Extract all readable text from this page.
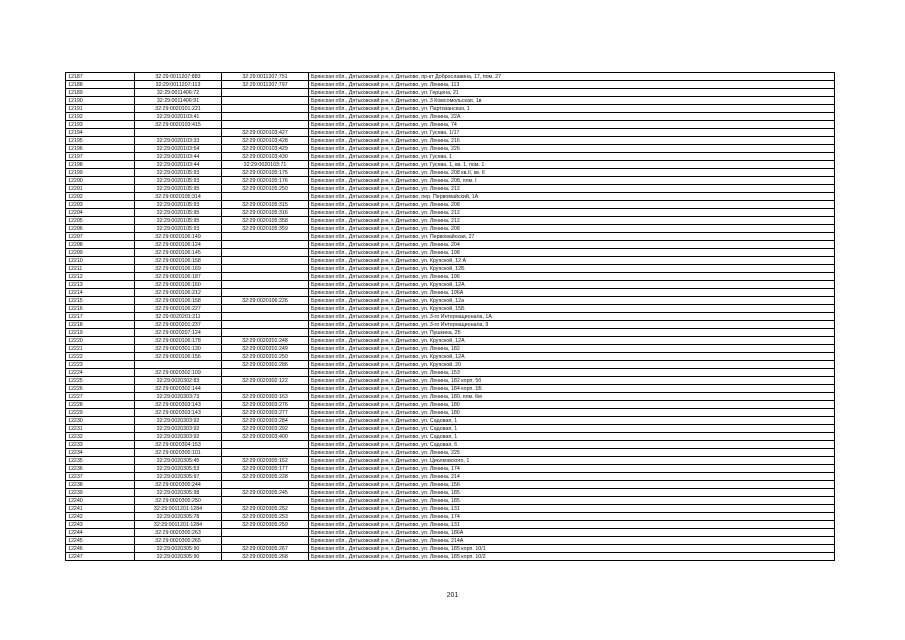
12187	32:29:0011207:883	32:29:0011207:751	Брянская обл., Дятьковский р-н, г. Дятьково, пр-кт Доброславина, 17, пом. 27
12188	32:29:0011207:113	32:29:0011207:797	Брянская обл., Дятьковский р-н, г. Дятьково, ул. Ленина, 113
12189	32:29:0011406:72		Брянская обл., Дятьковский р-н, г. Дятьково, ул. Герцена, 21
12190	32:29:0011406:91		Брянская обл., Дятьковский р-н, г. Дятьково, ул. 3 Комсомольская, 1в
12191	32:29:0020101:221		Брянская обл., Дятьковский р-н, г. Дятьково, ул. Партизанская, 1
12192	32:29:0020103:41		Брянская обл., Дятьковский р-н, г. Дятьково, ул. Ленина, 22А
12193	32:29:0020103:415		Брянская обл., Дятьковский р-н, г. Дятьково, ул. Ленина, 74
12194		32:29:0020103:427	Брянская обл., Дятьковский р-н, г. Дятьково, ул. Гусева, 1/17
12195	32:29:0020103:33	32:29:0020103:428	Брянская обл., Дятьковский р-н, г. Дятьково, ул. Ленина, 216
12196	32:29:0020103:54	32:29:0020103:429	Брянская обл., Дятьковский р-н, г. Дятьково, ул. Ленина, 226
12197	32:29:0020103:44	32:29:0020103:430	Брянская обл., Дятьковский р-н, г. Дятьково, ул. Гусева, 1
12198	32:29:0020103:44	32:29:0020103:71	Брянская обл., Дятьковский р-н, г. Дятьково, ул. Гусева, 1, кв. 1, пом. 1
12199	32:29:0020105:93	32:29:0020105:175	Брянская обл., Дятьковский р-н, г. Дятьково, ул. Ленина, 208 кв.II, кв. II
12200	32:29:0020105:93	32:29:0020105:176	Брянская обл., Дятьковский р-н, г. Дятьково, ул. Ленина, 208, пом. I
12201	32:29:0020105:95	32:29:0020105:250	Брянская обл., Дятьковский р-н, г. Дятьково, ул. Ленина, 212
12202	32:29:0020105:314		Брянская обл., Дятьковский р-н, г. Дятьково, пер. Первомайский, 1А
12203	32:29:0020105:93	32:29:0020105:315	Брянская обл., Дятьковский р-н, г. Дятьково, ул. Ленина, 208
12204	32:29:0020105:95	32:29:0020105:316	Брянская обл., Дятьковский р-н, г. Дятьково, ул. Ленина, 212
12205	32:29:0020105:95	32:29:0020105:358	Брянская обл., Дятьковский р-н, г. Дятьково, ул. Ленина, 212
12206	32:29:0020105:93	32:29:0020105:359	Брянская обл., Дятьковский р-н, г. Дятьково, ул. Ленина, 208
12207	32:29:0020106:149		Брянская обл., Дятьковский р-н, г. Дятьково, ул. Первомайская, 27
12208	32:29:0020106:124		Брянская обл., Дятьковский р-н, г. Дятьково, ул. Ленина, 204
12209	32:29:0020106:145		Брянская обл., Дятьковский р-н, г. Дятьково, ул. Ленина, 198
12210	32:29:0020106:158		Брянская обл., Дятьковский р-н, г. Дятьково, ул. Крупской, 12 А
12211	32:29:0020106:169		Брянская обл., Дятьковский р-н, г. Дятьково, ул. Крупской, 12Б
12212	32:29:0020106:187		Брянская обл., Дятьковский р-н, г. Дятьково, ул. Ленина, 196
12213	32:29:0020106:160		Брянская обл., Дятьковский р-н, г. Дятьково, ул. Крупской, 12А
12214	32:29:0020106:212		Брянская обл., Дятьковский р-н, г. Дятьково, ул. Ленина, 196А
12215	32:29:0020106:158	32:29:0020106:226	Брянская обл., Дятьковский р-н, г. Дятьково, ул. Крупской, 12а
12216	32:29:0020106:227		Брянская обл., Дятьковский р-н, г. Дятьково, ул. Крупской, 15Б
12217	32:29:0020201:211		Брянская обл., Дятьковский р-н, г. Дятьково, ул. 3-го Интернационала, 1А
12218	32:29:0020201:237		Брянская обл., Дятьковский р-н, г. Дятьково, ул. 3-го Интернационала, 9
12219	32:29:0020207:124		Брянская обл., Дятьковский р-н, г. Дятьково, ул. Пушкина, 25
12220	32:29:0020106:178	32:29:0020201:248	Брянская обл., Дятьковский р-н, г. Дятьково, ул. Крупской, 12А
12221	32:29:0020301:130	32:29:0020201:249	Брянская обл., Дятьковский р-н, г. Дятьково, ул. Ленина, 182
12222	32:29:0020106:156	32:29:0020201:250	Брянская обл., Дятьковский р-н, г. Дятьково, ул. Крупской, 12А
12223		32:29:0020301:286	Брянская обл., Дятьковский р-н, г. Дятьково, ул. Крупской, 20
12224	32:29:0020302:109		Брянская обл., Дятьковский р-н, г. Дятьково, ул. Ленина, 153
12225	32:29:0020302:83	32:29:0020302:122	Брянская обл., Дятьковский р-н, г. Дятьково, ул. Ленина, 182 корп. 5б
12226	32:29:0020302:144		Брянская обл., Дятьковский р-н, г. Дятьково, ул. Ленина, 184 корп. 1Б
12227	32:29:0020303:73	32:29:0020303:163	Брянская обл., Дятьковский р-н, г. Дятьково, ул. Ленина, 180, пом. 6м
12228	32:29:0020303:143	32:29:0020303:276	Брянская обл., Дятьковский р-н, г. Дятьково, ул. Ленина, 180
12229	32:29:0020303:143	32:29:0020303:277	Брянская обл., Дятьковский р-н, г. Дятьково, ул. Ленина, 180
12230	32:29:0020303:92	32:29:0020303:284	Брянская обл., Дятьковский р-н, г. Дятьково, ул. Садовая, 1
12231	32:29:0020303:92	32:29:0020303:292	Брянская обл., Дятьковский р-н, г. Дятьково, ул. Садовая, 1
12232	32:29:0020303:92	32:29:0020303:400	Брянская обл., Дятьковский р-н, г. Дятьково, ул. Садовая, 1
12233	32:29:0020304:153		Брянская обл., Дятьковский р-н, г. Дятьково, ул. Садовая, 6
12234	32:29:0020305:101		Брянская обл., Дятьковский р-н, г. Дятьково, ул. Ленина, 225
12235	32:29:0020305:45	32:29:0020305:152	Брянская обл., Дятьковский р-н, г. Дятьково, ул. Циолковского, 1
12236	32:29:0020305:53	32:29:0020305:177	Брянская обл., Дятьковский р-н, г. Дятьково, ул. Ленина, 174
12237	32:29:0020305:97	32:29:0020305:228	Брянская обл., Дятьковский р-н, г. Дятьково, ул. Ленина, 214
12238	32:29:0020305:244		Брянская обл., Дятьковский р-н, г. Дятьково, ул. Ленина, 156
12239	32:29:0020305:98	32:29:0020305:245	Брянская обл., Дятьковский р-н, г. Дятьково, ул. Ленина, 185
12240	32:29:0020305:250		Брянская обл., Дятьковский р-н, г. Дятьково, ул. Ленина, 185
12241	32:29:0011201:1284	32:29:0020305:252	Брянская обл., Дятьковский р-н, г. Дятьково, ул. Ленина, 131
12242	32:29:0020305:78	32:29:0020305:253	Брянская обл., Дятьковский р-н, г. Дятьково, ул. Ленина, 174
12243	32:29:0011201:1284	32:29:0020305:259	Брянская обл., Дятьковский р-н, г. Дятьково, ул. Ленина, 131
12244	32:29:0020305:263		Брянская обл., Дятьковский р-н, г. Дятьково, ул. Ленина, 186А
12245	32:29:0020305:265		Брянская обл., Дятьковский р-н, г. Дятьково, ул. Ленина, 214А
12246	32:29:0020305:90	32:29:0020305:267	Брянская обл., Дятьковский р-н, г. Дятьково, ул. Ленина, 185 корп. 10/1
12247	32:29:0020305:90	32:29:0020305:268	Брянская обл., Дятьковский р-н, г. Дятьково, ул. Ленина, 185 корп. 10/2
201
